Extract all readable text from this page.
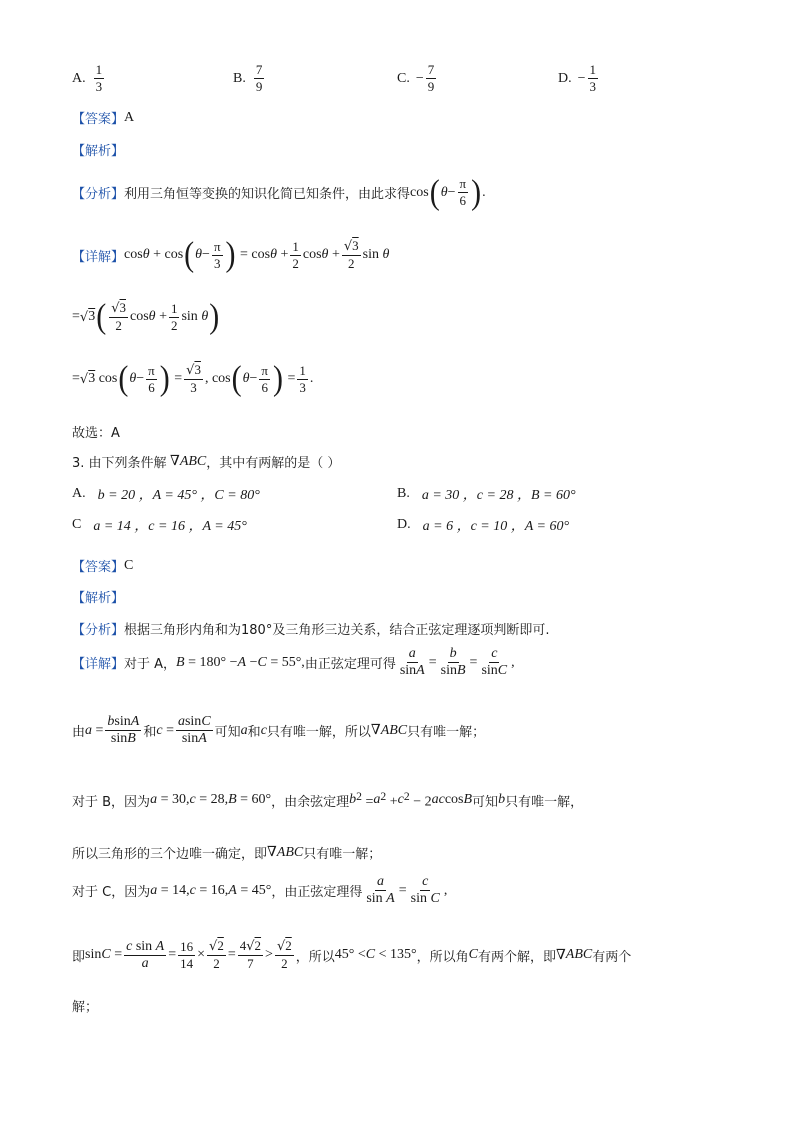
A. $\frac{1}{3}$	B. $\frac{7}{9}$	C. − $\frac{7}{9}$	D. − $\frac{1}{3}$
【答案】 A
【解析】
【分析】 利用三角恒等变换的知识化简已知条件，由此求得 cos ( $\theta - \frac{\pi}{6}$ ) .
【详解】 cos θ + cos ( $\theta - \frac{\pi}{3}$ ) = $\cos \theta + \frac{1}{2}$ $\cos \theta + \frac{√3}{2}$ sin θ
= √ 3 ( $\frac{√3}{2}$ $\cos \theta + \frac{1}{2}$ sin θ )
= √ 3 cos ( $\theta - \frac{\pi}{6}$ ) = $\frac{√3}{3}$ , cos ( $\theta - \frac{\pi}{6}$ ) = $\frac{1}{3}$ .
故选：A
3. 由下列条件解 ∇ ABC ，其中有两解的是（ ）
A. b = 20 ，A = 45° ，C = 80°	B. a = 30 ，c = 28 ，B = 60°
C a = 14 ，c = 16 ，A = 45°	D. a = 6 ，c = 10 ，A = 60°
【答案】 C
【解析】
【分析】 根据三角形内角和为180°及三角形三边关系，结合正弦定理逐项判断即可.
【详解】 对于 A， B = 180° − A − C = 55°, 由正弦定理可得 $\frac{a}{\sin A} = \frac{b}{\sin B} = \frac{c}{\sin C}$ ,
由 $a = \frac{bsinA}{\sin B}$ 和 $c = \frac{asinC}{\sin A}$ 可知 a 和 c 只有唯一解，所以 ∇ ABC 只有唯一解；
对于 B，因为 a = 30, c = 28, B = 60° ，由余弦定理 b $^2$ = a $^2$ + c $^2$ − 2 ac cos B 可知 b 只有唯一解，
所以三角形的三个边唯一确定，即 ∇ ABC 只有唯一解；
对于 C，因为 a = 14, c = 16, A = 45° ，由正弦定理得 $\frac{a}{\text{sin A}} = \frac{c}{\text{sin C}}$ ,
即 $\sin C = \frac{\text{c sin A}}{a} = \frac{16}{14} \times \frac{√2}{2} = \frac{4√2}{7} > \frac{√2}{2}$ ，所以 45° < C < 135° ，所以角 C 有两个解，即 ∇ ABC 有两个
解；
